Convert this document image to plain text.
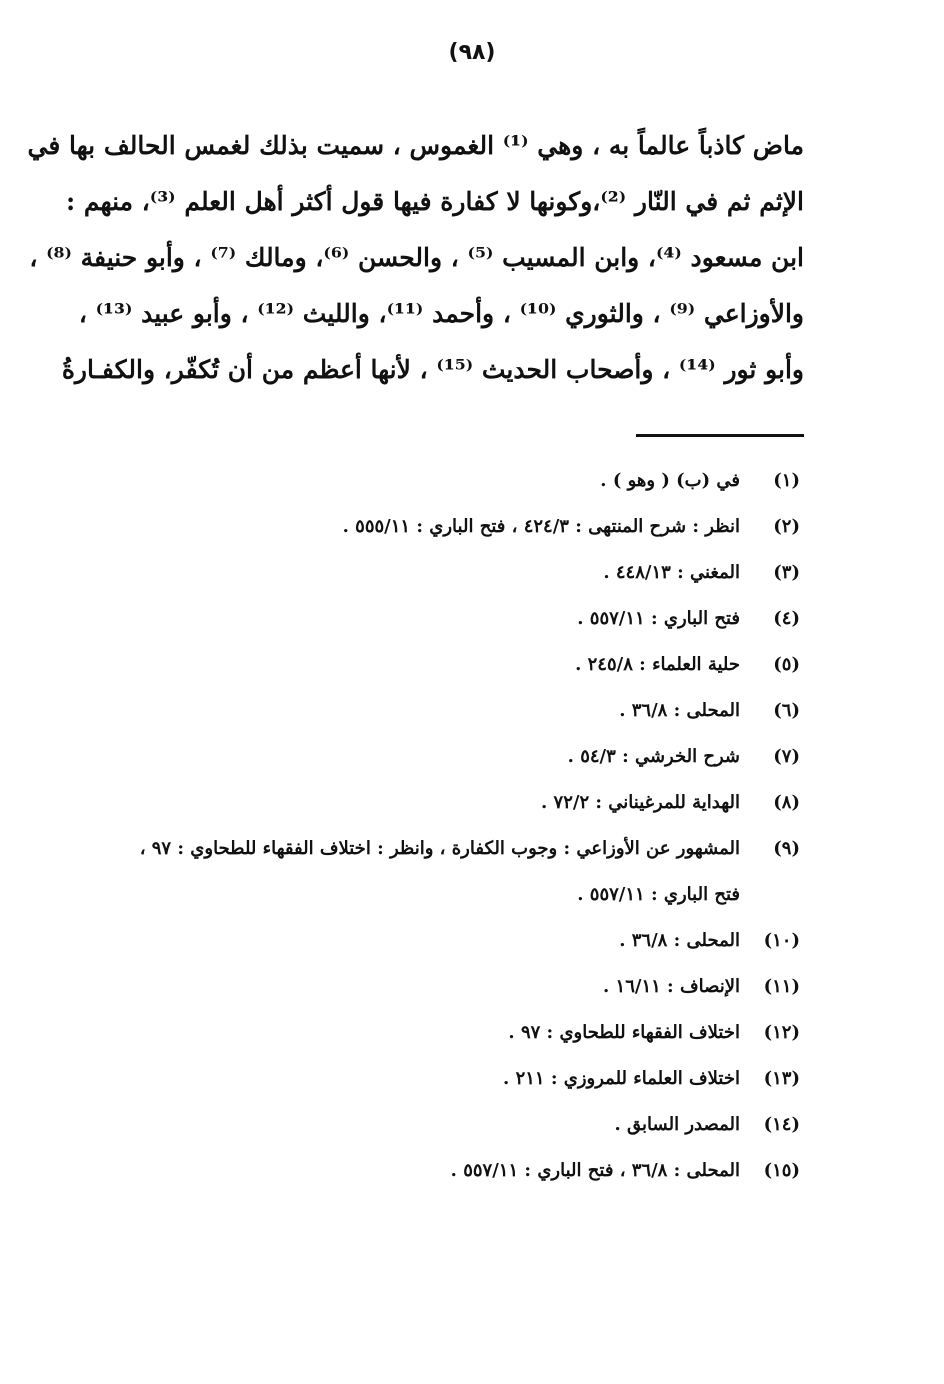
(٩٨)
ماض كاذباً عالماً به ، وهي ⁽¹⁾ الغموس ، سميت بذلك لغمس الحالف بها في
الإثم ثم في النّار ⁽²⁾،وكونها لا كفارة فيها قول أكثر أهل العلم ⁽³⁾، منهم :
ابن مسعود ⁽⁴⁾، وابن المسيب ⁽⁵⁾ ، والحسن ⁽⁶⁾، ومالك ⁽⁷⁾ ، وأبو حنيفة ⁽⁸⁾ ،
والأوزاعي ⁽⁹⁾ ، والثوري ⁽¹⁰⁾ ، وأحمد ⁽¹¹⁾، والليث ⁽¹²⁾ ، وأبو عبيد ⁽¹³⁾ ،
وأبو ثور ⁽¹⁴⁾ ، وأصحاب الحديث ⁽¹⁵⁾ ، لأنها أعظم من أن تُكفّر، والكفـارةُ
(١)
في (ب) ( وهو ) .
(٢)
انظر : شرح المنتهى : ٤٢٤/٣ ، فتح الباري : ٥٥٥/١١ .
(٣)
المغني : ٤٤٨/١٣ .
(٤)
فتح الباري : ٥٥٧/١١ .
(٥)
حلية العلماء : ٢٤٥/٨ .
(٦)
المحلى : ٣٦/٨ .
(٧)
شرح الخرشي : ٥٤/٣ .
(٨)
الهداية للمرغيناني : ٧٢/٢ .
(٩)
المشهور عن الأوزاعي : وجوب الكفارة ، وانظر : اختلاف الفقهاء للطحاوي : ٩٧ ،
فتح الباري : ٥٥٧/١١ .
(١٠)
المحلى : ٣٦/٨ .
(١١)
الإنصاف : ١٦/١١ .
(١٢)
اختلاف الفقهاء للطحاوي : ٩٧ .
(١٣)
اختلاف العلماء للمروزي : ٢١١ .
(١٤)
المصدر السابق .
(١٥)
المحلى : ٣٦/٨ ، فتح الباري : ٥٥٧/١١ .
